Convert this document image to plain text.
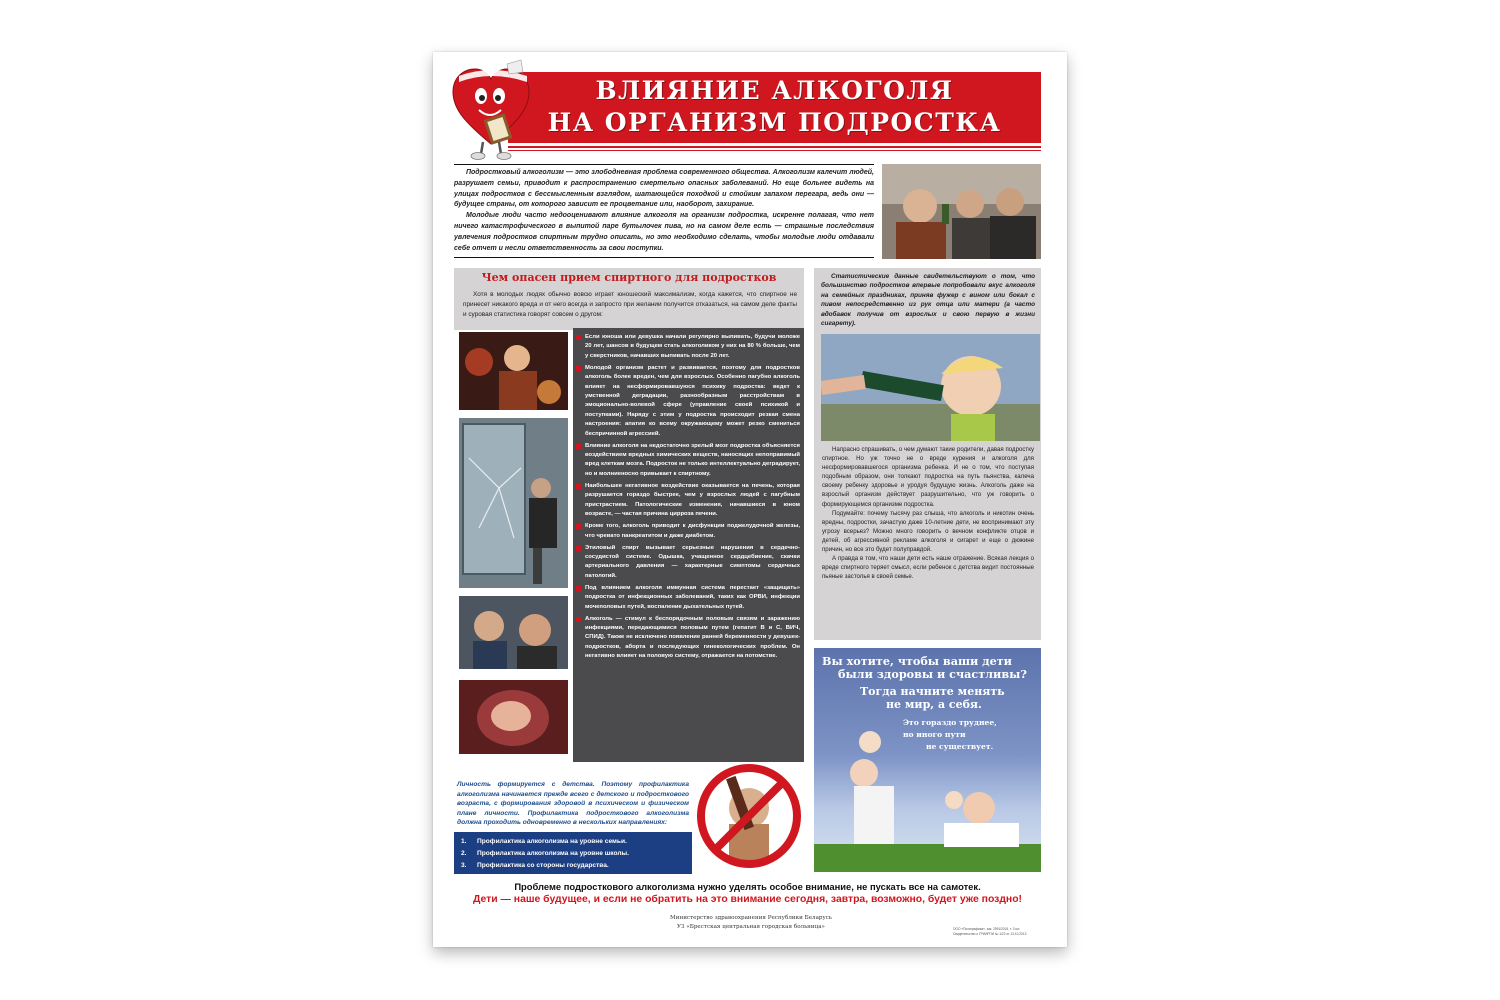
ВЛИЯНИЕ АЛКОГОЛЯ
НА ОРГАНИЗМ ПОДРОСТКА

Подростковый алкоголизм — это злободневная проблема современного общества. Алкоголизм калечит людей, разрушает семьи, приводит к распространению смертельно опасных заболеваний. Но еще больнее видеть на улицах подростков с бессмысленным взглядом, шатающейся походкой и стойким запахом перегара, ведь они — будущее страны, от которого зависит ее процветание или, наоборот, захирание.

Молодые люди часто недооценивают влияние алкоголя на организм подростка, искренне полагая, что нет ничего катастрофического в выпитой паре бутылочек пива, но на самом деле есть — страшные последствия увлечения подростков спиртным трудно описать, но это необходимо сделать, чтобы молодые люди отдавали себе отчет и несли ответственность за свои поступки.

Чем опасен прием спиртного для подростков
Хотя в молодых людях обычно вовсю играет юношеский максимализм, когда кажется, что спиртное не принесет никакого вреда и от него всегда и запросто при желании получится отказаться, на самом деле факты и суровая статистика говорят совсем о другом:
Если юноша или девушка начали регулярно выпивать, будучи моложе 20 лет, шансов в будущем стать алкоголиком у них на 80 % больше, чем у сверстников, начавших выпивать после 20 лет.
Молодой организм растет и развивается, поэтому для подростков алкоголь более вреден, чем для взрослых. Особенно пагубно алкоголь влияет на несформировавшуюся психику подростка: ведет к умственной деградации, разнообразным расстройствам в эмоционально-волевой сфере (управление своей психикой и поступками). Наряду с этим у подростка происходит резкая смена настроения: апатия ко всему окружающему может резко смениться беспричинной агрессией.
Влияние алкоголя на недостаточно зрелый мозг подростка объясняется воздействием вредных химических веществ, наносящих непоправимый вред клеткам мозга. Подросток не только интеллектуально деградирует, но и молниеносно привыкает к спиртному.
Наибольшее негативное воздействие оказывается на печень, которая разрушается гораздо быстрее, чем у взрослых людей с пагубным пристрастием. Патологические изменения, начавшиеся в юном возрасте, — частая причина цирроза печени.
Кроме того, алкоголь приводит к дисфункции поджелудочной железы, что чревато панкреатитом и даже диабетом.
Этиловый спирт вызывает серьезные нарушения в сердечно-сосудистой системе. Одышка, учащенное сердцебиение, скачки артериального давления — характерные симптомы сердечных патологий.
Под влиянием алкоголя иммунная система перестает «защищать» подростка от инфекционных заболеваний, таких как ОРВИ, инфекции мочеполовых путей, воспаление дыхательных путей.
Алкоголь — стимул к беспорядочным половым связям и заражению инфекциями, передающимися половым путем (гепатит В и С, ВИЧ, СПИД). Также не исключено появление ранней беременности у девушек-подростков, аборта и последующих гинекологических проблем. Он негативно влияет на половую систему, отражается на потомстве.
Личность формируется с детства. Поэтому профилактика алкоголизма начинается прежде всего с детского и подросткового возраста, с формирования здоровой в психическом и физическом плане личности. Профилактика подросткового алкоголизма должна проходить одновременно в нескольких направлениях:
1. Профилактика алкоголизма на уровне семьи.
2. Профилактика алкоголизма на уровне школы.
3. Профилактика со стороны государства.
Статистические данные свидетельствуют о том, что большинство подростков впервые попробовали вкус алкоголя на семейных праздниках, приняв фужер с вином или бокал с пивом непосредственно из рук отца или матери (а часто вдобавок получив от взрослых и свою первую в жизни сигарету).

Напрасно спрашивать, о чем думают такие родители, давая подростку спиртное. Но уж точно не о вреде курения и алкоголя для несформировавшегося организма ребенка. И не о том, что поступая подобным образом, они толкают подростка на путь пьянства, калеча своему ребенку здоровье и уродуя будущую жизнь. Алкоголь даже на взрослый организм действует разрушительно, что уж говорить о формирующемся организме подростка.

Подумайте: почему тысячу раз слыша, что алкоголь и никотин очень вредны, подростки, зачастую даже 10-летние дети, не воспринимают эту угрозу всерьез? Можно много говорить о вечном конфликте отцов и детей, об агрессивной рекламе алкоголя и сигарет и еще о дюжине причин, но все это будет полуправдой.

А правда в том, что наши дети есть наше отражение. Всякая лекция о вреде спиртного теряет смысл, если ребенок с детства видит постоянные пьяные застолья в своей семье.

Вы хотите, чтобы ваши дети
были здоровы и счастливы?
Тогда начните менять
не мир, а себя.
Это гораздо труднее,
но иного пути
не существует.
Проблеме подросткового алкоголизма нужно уделять особое внимание, не пускать все на самотек.
Дети — наше будущее, и если не обратить на это внимание сегодня, завтра, возможно, будет уже поздно!
Министерство здравоохранения Республики Беларусь
УЗ «Брестская центральная городская больница»	ООО «Полиграфика», зак. 2991/2015, т. 3 шт.
Свидетельство о ГРИИРПИ № 1/22 от 13.10.2013
